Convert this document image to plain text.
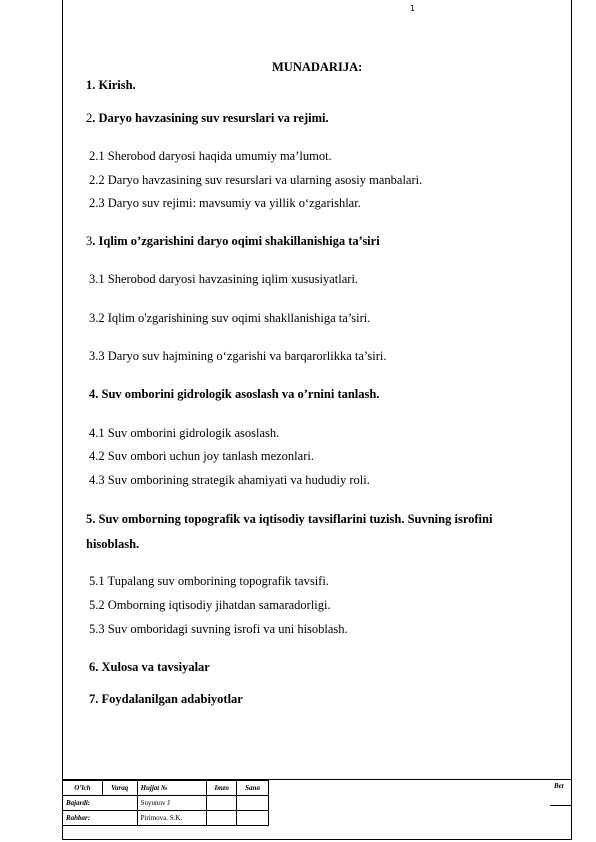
1
MUNADARIJA:
1. Kirish.
2. Daryo havzasining suv resurslari va rejimi.
2.1 Sherobod daryosi haqida umumiy ma’lumot.
2.2 Daryo havzasining suv resurslari va ularning asosiy manbalari.
2.3 Daryo suv rejimi: mavsumiy va yillik o‘zgarishlar.
3. Iqlim o’zgarishini daryo oqimi shakillanishiga ta’siri
3.1 Sherobod daryosi havzasining iqlim xususiyatlari.
3.2 Iqlim o'zgarishining suv oqimi shakllanishiga ta’siri.
3.3 Daryo suv hajmining o‘zgarishi va barqarorlikka ta’siri.
4. Suv omborini gidrologik asoslash va o’rnini tanlash.
4.1 Suv omborini gidrologik asoslash.
4.2 Suv ombori uchun joy tanlash mezonlari.
4.3 Suv omborining strategik ahamiyati va hududiy roli.
5. Suv omborning topografik va iqtisodiy tavsiflarini tuzish. Suvning isrofini
hisoblash.
5.1 Tupalang suv omborining topografik tavsifi.
5.2 Omborning iqtisodiy jihatdan samaradorligi.
5.3 Suv omboridagi suvning isrofi va uni hisoblash.
6. Xulosa va tavsiyalar
7. Foydalanilgan adabiyotlar
O’lch	Varaq	Hujjat №	Imzo	Sana
Bajardi:		Suyunov J		
Rahbar:		Pirimova. S.K.		
Bet
